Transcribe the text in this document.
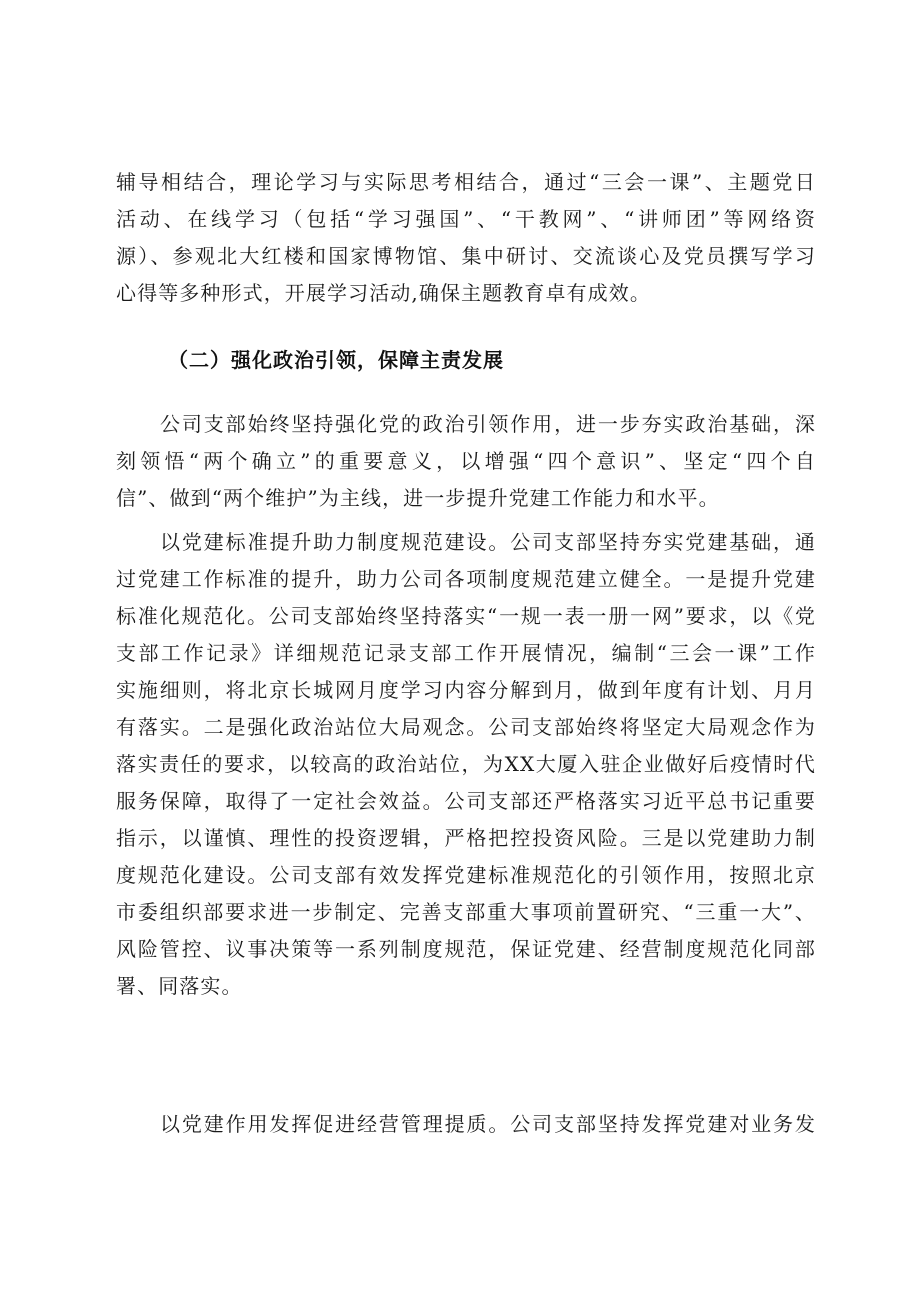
辅导相结合，理论学习与实际思考相结合，通过“三会一课”、主题党日
活动、在线学习（包括“学习强国”、“干教网”、“讲师团”等网络资
源）、参观北大红楼和国家博物馆、集中研讨、交流谈心及党员撰写学习
心得等多种形式，开展学习活动,确保主题教育卓有成效。
（二）强化政治引领，保障主责发展
公司支部始终坚持强化党的政治引领作用，进一步夯实政治基础，深
刻领悟“两个确立”的重要意义，以增强“四个意识”、坚定“四个自
信”、做到“两个维护”为主线，进一步提升党建工作能力和水平。
以党建标准提升助力制度规范建设。公司支部坚持夯实党建基础，通
过党建工作标准的提升，助力公司各项制度规范建立健全。一是提升党建
标准化规范化。公司支部始终坚持落实“一规一表一册一网”要求，以《党
支部工作记录》详细规范记录支部工作开展情况，编制“三会一课”工作
实施细则，将北京长城网月度学习内容分解到月，做到年度有计划、月月
有落实。二是强化政治站位大局观念。公司支部始终将坚定大局观念作为
落实责任的要求，以较高的政治站位，为XX大厦入驻企业做好后疫情时代
服务保障，取得了一定社会效益。公司支部还严格落实习近平总书记重要
指示，以谨慎、理性的投资逻辑，严格把控投资风险。三是以党建助力制
度规范化建设。公司支部有效发挥党建标准规范化的引领作用，按照北京
市委组织部要求进一步制定、完善支部重大事项前置研究、“三重一大”、
风险管控、议事决策等一系列制度规范，保证党建、经营制度规范化同部
署、同落实。
以党建作用发挥促进经营管理提质。公司支部坚持发挥党建对业务发
